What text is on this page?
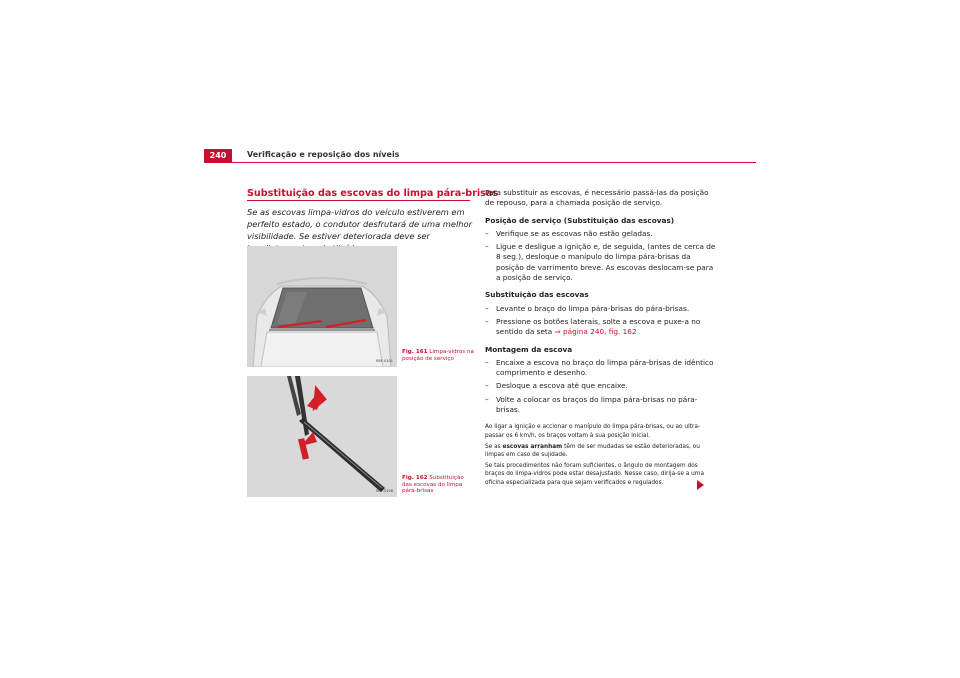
240	Verificação e reposição dos níveis
Substituição das escovas do limpa pára-brisas
Se as escovas limpa-vidros do veículo estiverem em perfeito estado, o condutor desfrutará de uma melhor visibilidade. Se estiver deteriorada deve ser
B5F-0101
Fig. 161 Limpa-vidros na posição de serviço
B5F-0106
Fig. 162 Substituição das escovas do limpa pára-brisas

Para substituir as escovas, é necessário passá-las da posição de repouso, para a chamada posição de serviço.

Posição de serviço (Substituição das escovas)

– Verifique se as escovas não estão geladas.

– Ligue e desligue a ignição e, de seguida, (antes de cerca de 8 seg.), desloque o manípulo do limpa pára-brisas da posição de varrimento breve. As escovas deslocam-se para a posição de serviço.

Substituição das escovas

– Levante o braço do limpa pára-brisas do pára-brisas.

– Pressione os botões laterais, solte a escova e puxe-a no sentido da seta ⇒ página 240, fig. 162

Montagem da escova

– Encaixe a escova no braço do limpa pára-brisas de idêntico comprimento e desenho.

– Desloque a escova até que encaixe.

– Volte a colocar os braços do limpa pára-brisas no pára-brisas.

Ao ligar a ignição e accionar o manípulo do limpa pára-brisas, ou ao ultra-passar os 6 km/h, os braços voltam à sua posição inicial.

Se as escovas arranham têm de ser mudadas se estão deterioradas, ou limpas em caso de sujidade.

Se tais procedimentos não foram suficientes, o ângulo de montagem dos braços do limpa-vidros pode estar desajustado. Nesse caso, dirija-se a uma oficina especializada para que sejam verificados e regulados.
